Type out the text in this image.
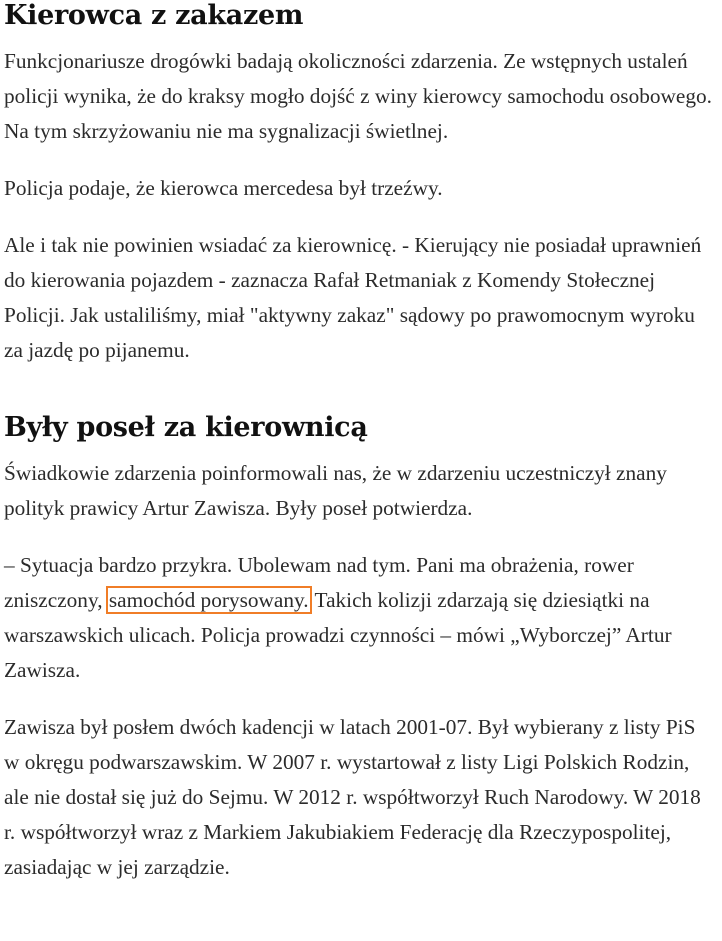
Kierowca z zakazem

Funkcjonariusze drogówki badają okoliczności zdarzenia. Ze wstępnych ustaleń policji wynika, że do kraksy mogło dojść z winy kierowcy samochodu osobowego. Na tym skrzyżowaniu nie ma sygnalizacji świetlnej.

Policja podaje, że kierowca mercedesa był trzeźwy.

Ale i tak nie powinien wsiadać za kierownicę. - Kierujący nie posiadał uprawnień do kierowania pojazdem - zaznacza Rafał Retmaniak z Komendy Stołecznej Policji. Jak ustaliliśmy, miał "aktywny zakaz" sądowy po prawomocnym wyroku za jazdę po pijanemu.

Były poseł za kierownicą

Świadkowie zdarzenia poinformowali nas, że w zdarzeniu uczestniczył znany polityk prawicy Artur Zawisza. Były poseł potwierdza.

– Sytuacja bardzo przykra. Ubolewam nad tym. Pani ma obrażenia, rower zniszczony, samochód porysowany. Takich kolizji zdarzają się dziesiątki na warszawskich ulicach. Policja prowadzi czynności – mówi „Wyborczej” Artur Zawisza.

Zawisza był posłem dwóch kadencji w latach 2001-07. Był wybierany z listy PiS w okręgu podwarszawskim. W 2007 r. wystartował z listy Ligi Polskich Rodzin, ale nie dostał się już do Sejmu. W 2012 r. współtworzył Ruch Narodowy. W 2018 r. współtworzył wraz z Markiem Jakubiakiem Federację dla Rzeczypospolitej, zasiadając w jej zarządzie.
